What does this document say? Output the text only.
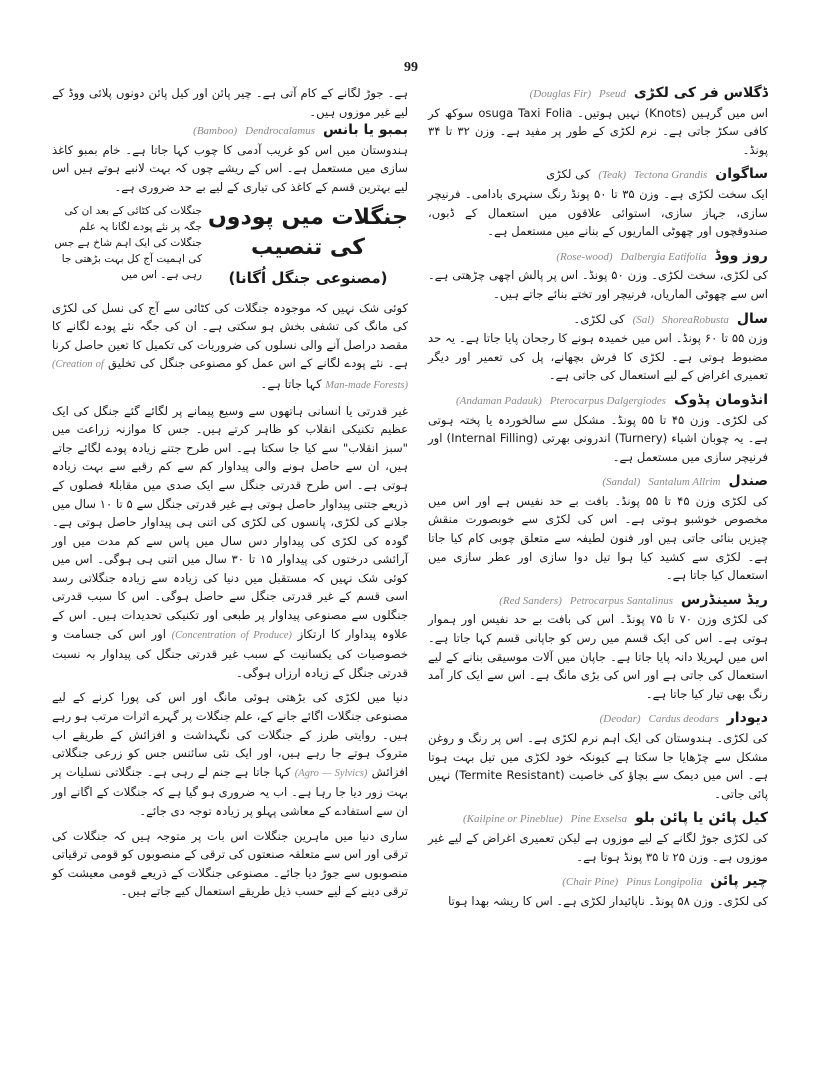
99
ڈگلاس فر کی لکڑی
Pseud
(Douglas Fir)
اس میں گرہیں (Knots) نہیں ہوتیں۔ osuga Taxi Folia سوکھ کر کافی سکڑ جاتی ہے۔ نرم لکڑی کے طور پر مفید ہے۔ وزن ۳۲ تا ۳۴ پونڈ۔
ساگوان
Tectona Grandis
(Teak)
کی لکڑی
ایک سخت لکڑی ہے۔ وزن ۳۵ تا ۵۰ پونڈ رنگ سنہری بادامی۔ فرنیچر سازی، جہاز سازی، استوائی علاقوں میں استعمال کے ڈبوں، صندوقچوں اور چھوٹی الماریوں کے بنانے میں مستعمل ہے۔
روز ووڈ
Dalbergia Eatifolia
(Rose-wood)
کی لکڑی، سخت لکڑی۔ وزن ۵۰ پونڈ۔ اس پر پالش اچھی چڑھتی ہے۔ اس سے چھوٹی الماریاں، فرنیچر اور تختے بنائے جاتے ہیں۔
سال
ShoreaRobusta
(Sal)
کی لکڑی۔
وزن ۵۵ تا ۶۰ پونڈ۔ اس میں خمیدہ ہونے کا رجحان پایا جاتا ہے۔ یہ حد مضبوط ہوتی ہے۔ لکڑی کا فرش بچھانے، پل کی تعمیر اور دیگر تعمیری اغراض کے لیے استعمال کی جاتی ہے۔
انڈومان پڈوک
Pterocarpus Dalgergiodes
(Andaman Padauk)
کی لکڑی۔ وزن ۴۵ تا ۵۵ پونڈ۔ مشکل سے سالخوردہ یا پختہ ہوتی ہے۔ یہ چوبان اشیاء (Turnery) اندرونی بھرتی (Internal Filling) اور فرنیچر سازی میں مستعمل ہے۔
صندل
Santalum Allrim
(Sandal)
کی لکڑی وزن ۴۵ تا ۵۵ پونڈ۔ بافت بے حد نفیس ہے اور اس میں مخصوص خوشبو ہوتی ہے۔ اس کی لکڑی سے خوبصورت منقش چیزیں بنائی جاتی ہیں اور فنون لطیفہ سے متعلق چوبی کام کیا جاتا ہے۔ لکڑی سے کشید کیا ہوا تیل دوا سازی اور عطر سازی میں استعمال کیا جاتا ہے۔
ریڈ سینڈرس
Petrocarpus Santalinus
(Red Sanders)
کی لکڑی وزن ۷۰ تا ۷۵ پونڈ۔ اس کی بافت بے حد نفیس اور ہموار ہوتی ہے۔ اس کی ایک قسم میں رس کو جاپانی قسم کہا جاتا ہے۔ اس میں لہریلا دانہ پایا جاتا ہے۔ جاپان میں آلات موسیقی بنانے کے لیے استعمال کی جاتی ہے اور اس کی بڑی مانگ ہے۔ اس سے ایک کار آمد رنگ بھی تیار کیا جاتا ہے۔
دیودار
Cardus deodars
(Deodar)
کی لکڑی۔ ہندوستان کی ایک اہم نرم لکڑی ہے۔ اس پر رنگ و روغن مشکل سے چڑھایا جا سکتا ہے کیونکہ خود لکڑی میں تیل بہت ہوتا ہے۔ اس میں دیمک سے بچاؤ کی خاصیت (Termite Resistant) نہیں پائی جاتی۔
کیل پائن یا پائن بلو
Pine Exselsa
(Kailpine or Pineblue)
کی لکڑی جوڑ لگانے کے لیے موزوں ہے لیکن تعمیری اغراض کے لیے غیر موزوں ہے۔ وزن ۲۵ تا ۳۵ پونڈ ہوتا ہے۔
چیر پائن
Pinus Longipolia
(Chair Pine)
کی لکڑی۔ وزن ۵۸ پونڈ۔ ناپائیدار لکڑی ہے۔ اس کا ریشہ بھدا ہوتا
ہے۔ جوڑ لگانے کے کام آتی ہے۔ چیر پائن اور کیل پائن دونوں پلائی ووڈ کے لیے غیر موزوں ہیں۔
بمبو یا بانس
Dendrocalamus
(Bamboo)
ہندوستان میں اس کو غریب آدمی کا چوب کہا جاتا ہے۔ خام بمبو کاغذ سازی میں مستعمل ہے۔ اس کے ریشے چوں کہ بہت لانبے ہوتے ہیں اس لیے بہترین قسم کے کاغذ کی تیاری کے لیے بے حد ضروری ہے۔
جنگلات کی کٹائی کے بعد ان کی جگہ پر نئے پودے لگانا یہ علم جنگلات کی ایک اہم شاخ ہے جس کی اہمیت آج کل بہت بڑھتی جا رہی ہے۔ اس میں
جنگلات میں پودوں کی تنصیب
(مصنوعی جنگل اُگانا)
کوئی شک نہیں کہ موجودہ جنگلات کی کٹائی سے آج کی نسل کی لکڑی کی مانگ کی تشفی بخش ہو سکتی ہے۔ ان کی جگہ نئے پودے لگانے کا مقصد دراصل آنے والی نسلوں کی ضروریات کی تکمیل کا تعین حاصل کرنا ہے۔ نئے پودے لگانے کے اس عمل کو مصنوعی جنگل کی تخلیق (Creation of Man-made Forests) کہا جاتا ہے۔
غیر قدرتی یا انسانی ہاتھوں سے وسیع پیمانے پر لگائے گئے جنگل کی ایک عظیم تکنیکی انقلاب کو ظاہر کرتے ہیں۔ جس کا موازنہ زراعت میں "سبز انقلاب" سے کیا جا سکتا ہے۔ اس طرح جتنے زیادہ پودے لگائے جاتے ہیں، ان سے حاصل ہونے والی پیداوار کم سے کم رقبے سے بہت زیادہ ہوتی ہے۔ اس طرح قدرتی جنگل سے ایک صدی میں مقابلۃً فصلوں کے ذریعے جتنی پیداوار حاصل ہوتی ہے غیر قدرتی جنگل سے ۵ تا ۱۰ سال میں جلانے کی لکڑی، پانسوں کی لکڑی کی اتنی ہی پیداوار حاصل ہوتی ہے۔ گودہ کی لکڑی کی پیداوار دس سال میں پاس سے کم مدت میں اور آرائشی درختوں کی پیداوار ۱۵ تا ۳۰ سال میں اتنی ہی ہوگی۔ اس میں کوئی شک نہیں کہ مستقبل میں دنیا کی زیادہ سے زیادہ جنگلاتی رسد اسی قسم کے غیر قدرتی جنگل سے حاصل ہوگی۔ اس کا سبب قدرتی جنگلوں سے مصنوعی پیداوار پر طبعی اور تکنیکی تحدیدات ہیں۔ اس کے علاوہ پیداوار کا ارتکاز (Concentration of Produce) اور اس کی جسامت و خصوصیات کی یکسانیت کے سبب غیر قدرتی جنگل کی پیداوار بہ نسبت قدرتی جنگل کے زیادہ ارزاں ہوگی۔
دنیا میں لکڑی کی بڑھتی ہوئی مانگ اور اس کی پورا کرنے کے لیے مصنوعی جنگلات اگائے جانے کے، علم جنگلات پر گہرے اثرات مرتب ہو رہے ہیں۔ روایتی طرز کے جنگلات کی نگہداشت و افزائش کے طریقے اب متروک ہوتے جا رہے ہیں، اور ایک نئی سائنس جس کو زرعی جنگلاتی افزائش (Agro — Sylvics) کہا جاتا ہے جنم لے رہی ہے۔ جنگلاتی نسلیات پر بہت زور دیا جا رہا ہے۔ اب یہ ضروری ہو گیا ہے کہ جنگلات کے اگانے اور ان سے استفادے کے معاشی پہلو پر زیادہ توجہ دی جائے۔
ساری دنیا میں ماہرین جنگلات اس بات پر متوجہ ہیں کہ جنگلات کی ترقی اور اس سے متعلقہ صنعتوں کی ترقی کے منصوبوں کو قومی ترقیاتی منصوبوں سے جوڑ دیا جائے۔ مصنوعی جنگلات کے ذریعے قومی معیشت کو ترقی دینے کے لیے حسب ذیل طریقے استعمال کیے جاتے ہیں۔
